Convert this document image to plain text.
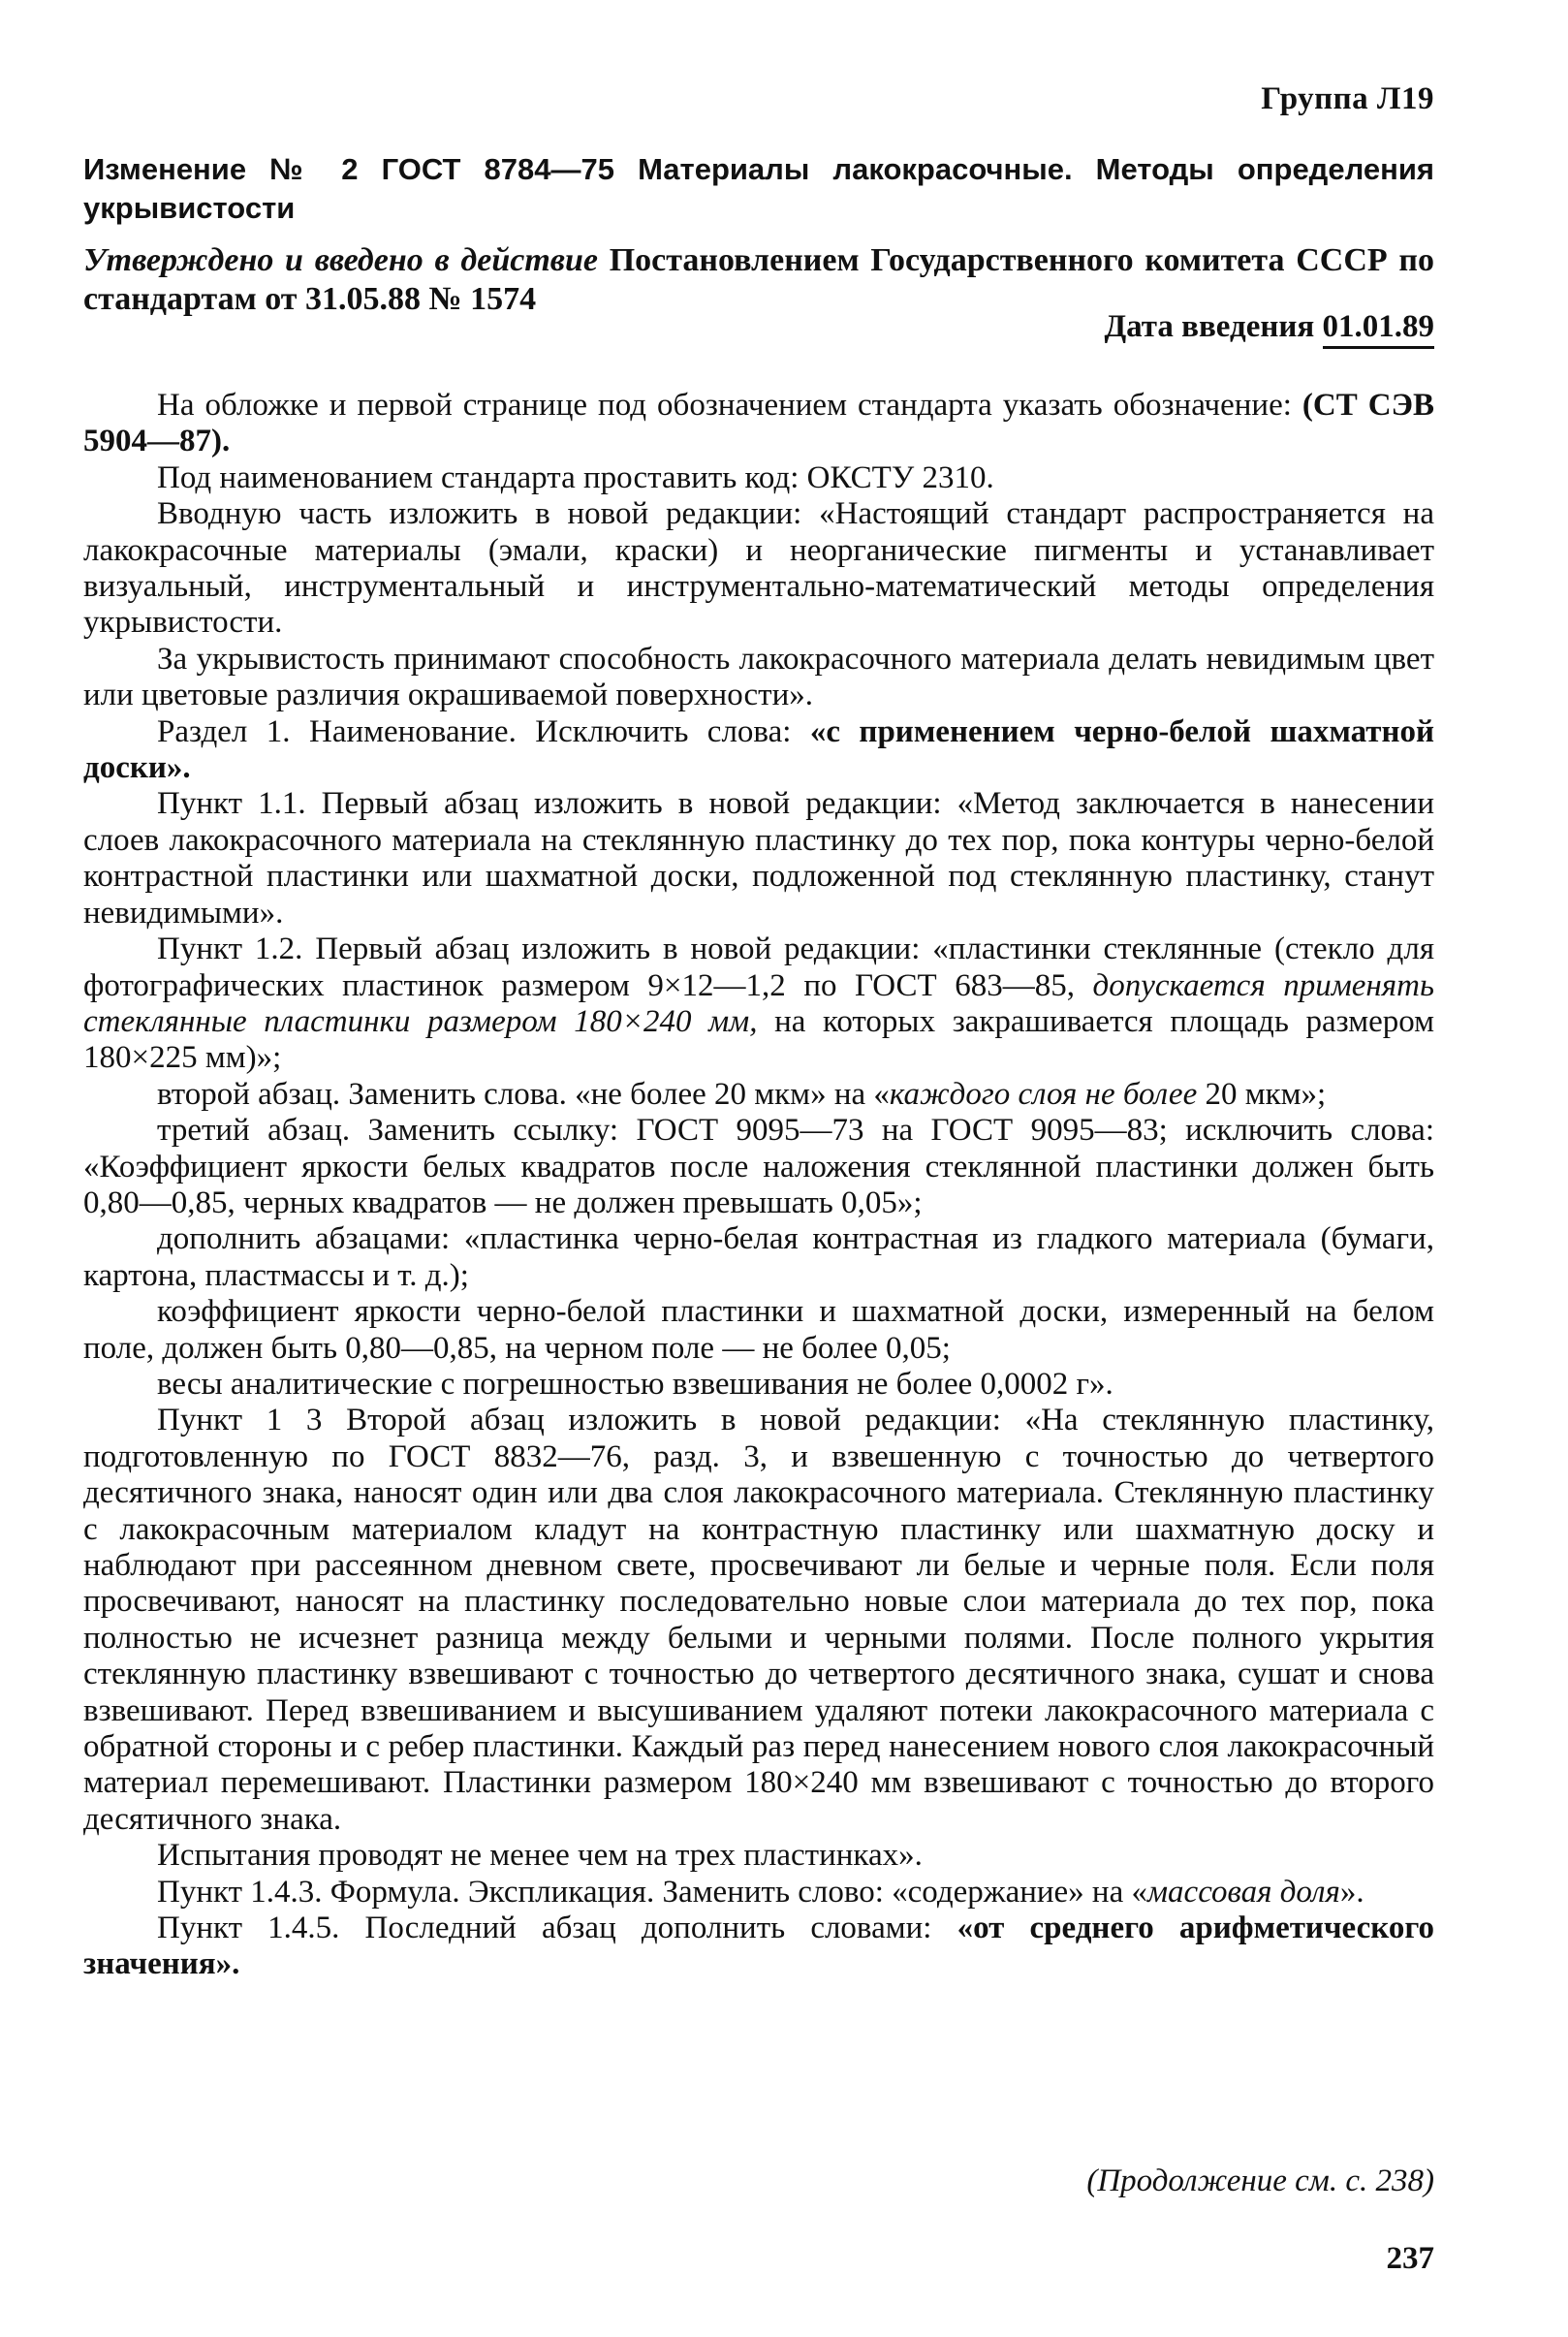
Группа Л19
Изменение № 2 ГОСТ 8784—75 Материалы лакокрасочные. Методы определения укрывистости
Утверждено и введено в действие Постановлением Государственного комитета СССР по стандартам от 31.05.88 № 1574
Дата введения 01.01.89

На обложке и первой странице под обозначением стандарта указать обозначение: (СТ СЭВ 5904—87).

Под наименованием стандарта проставить код: ОКСТУ 2310.

Вводную часть изложить в новой редакции: «Настоящий стандарт распространяется на лакокрасочные материалы (эмали, краски) и неорганические пигменты и устанавливает визуальный, инструментальный и инструментально-математический методы определения укрывистости.

За укрывистость принимают способность лакокрасочного материала делать невидимым цвет или цветовые различия окрашиваемой поверхности».

Раздел 1. Наименование. Исключить слова: «с применением черно-белой шахматной доски».

Пункт 1.1. Первый абзац изложить в новой редакции: «Метод заключается в нанесении слоев лакокрасочного материала на стеклянную пластинку до тех пор, пока контуры черно-белой контрастной пластинки или шахматной доски, подложенной под стеклянную пластинку, станут невидимыми».

Пункт 1.2. Первый абзац изложить в новой редакции: «пластинки стеклянные (стекло для фотографических пластинок размером 9×12—1,2 по ГОСТ 683—85, допускается применять стеклянные пластинки размером 180×240 мм, на которых закрашивается площадь размером 180×225 мм)»;

второй абзац. Заменить слова. «не более 20 мкм» на «каждого слоя не более 20 мкм»;

третий абзац. Заменить ссылку: ГОСТ 9095—73 на ГОСТ 9095—83; исключить слова: «Коэффициент яркости белых квадратов после наложения стеклянной пластинки должен быть 0,80—0,85, черных квадратов — не должен превышать 0,05»;

дополнить абзацами: «пластинка черно-белая контрастная из гладкого материала (бумаги, картона, пластмассы и т. д.);

коэффициент яркости черно-белой пластинки и шахматной доски, измеренный на белом поле, должен быть 0,80—0,85, на черном поле — не более 0,05;

весы аналитические с погрешностью взвешивания не более 0,0002 г».

Пункт 1 3 Второй абзац изложить в новой редакции: «На стеклянную пластинку, подготовленную по ГОСТ 8832—76, разд. 3, и взвешенную с точностью до четвертого десятичного знака, наносят один или два слоя лакокрасочного материала. Стеклянную пластинку с лакокрасочным материалом кладут на контрастную пластинку или шахматную доску и наблюдают при рассеянном дневном свете, просвечивают ли белые и черные поля. Если поля просвечивают, наносят на пластинку последовательно новые слои материала до тех пор, пока полностью не исчезнет разница между белыми и черными полями. После полного укрытия стеклянную пластинку взвешивают с точностью до четвертого десятичного знака, сушат и снова взвешивают. Перед взвешиванием и высушиванием удаляют потеки лакокрасочного материала с обратной стороны и с ребер пластинки. Каждый раз перед нанесением нового слоя лакокрасочный материал перемешивают. Пластинки размером 180×240 мм взвешивают с точностью до второго десятичного знака.

Испытания проводят не менее чем на трех пластинках».

Пункт 1.4.3. Формула. Экспликация. Заменить слово: «содержание» на «массовая доля».

Пункт 1.4.5. Последний абзац дополнить словами: «от среднего арифметического значения».

(Продолжение см. с. 238)
237
